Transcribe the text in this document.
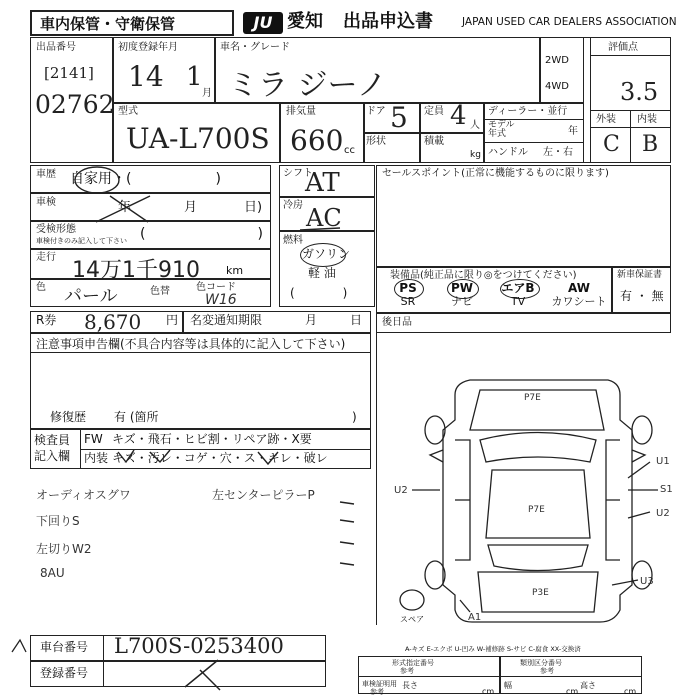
車内保管・守衛保管	JU 愛知 出品申込書	JAPAN USED CAR DEALERS ASSOCIATION
出品番号
[2141]
02762
初度登録年月
14 1
月
車名・グレード
ミラ ジーノ
2WD
4WD
評価点
3.5
外装 内装
C B
型式
UA-L700S
排気量
660 cc
ドア 5
形状
定員 4 人
積載
kg
ディーラー・並行
モデル
年式	年
ハンドル 左・右
車歴 自家用・(　　　　　　)
車検	年	月	日)
受検形態
車検付きのみ記入して下さい (　　　　　　　　)
走行
14万1千910 km
色 パール	色替	色コード
W16
シフト
AT
冷房 AC
燃料
ガソリン
軽 油
(　　　　)
セールスポイント(正常に機能するものに限ります)
装備品(純正品に限り◎をつけてください)
PS
SR
PW
ナビ
エアB
TV
AW
カワシート
新車保証書
有 ・ 無
R券 8,670 円 名変通知期限	月	日 後日品
注意事項申告欄(不具合内容等は具体的に記入して下さい)
修復歴 有 (箇所	)
検査員
記入欄
FW キズ・飛石・ヒビ割・リペア跡・X要
内装 キズ・汚レ・コゲ・穴・ス・キレ・破レ
オーディオスグワ	左センターピラーP
下回りS
左切りW2
8AU
P7E
P7E
P3E
U2
U1
S1
U2
U3
A1
スペア
A-キズ E-エクボ U-凹み W-補修跡 S-サビ C-腐食 XX-交換済
車台番号 L700S-0253400
登録番号
形式指定番号
参考
類別区分番号
参考
車検証明用
参考
長さ
cm
幅
cm
高さ
cm
